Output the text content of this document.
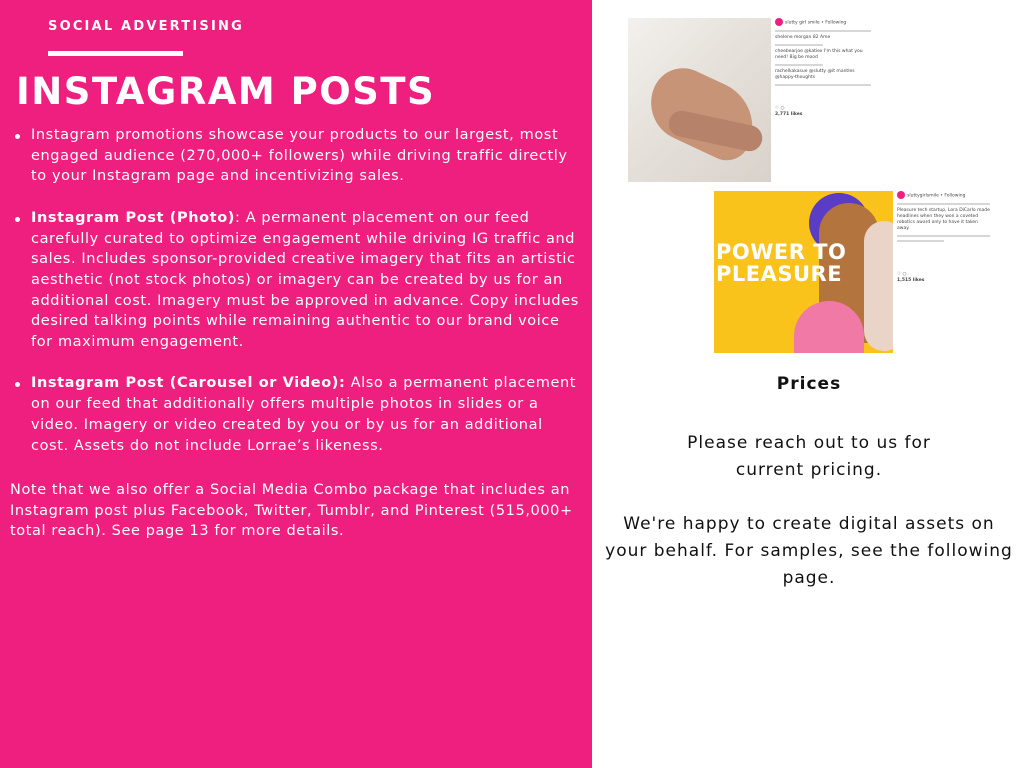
SOCIAL ADVERTISING
INSTAGRAM POSTS
Instagram promotions showcase your products to our largest, most engaged audience (270,000+ followers) while driving traffic directly to your Instagram page and incentivizing sales.
Instagram Post (Photo): A permanent placement on our feed carefully curated to optimize engagement while driving IG traffic and sales. Includes sponsor-provided creative imagery that fits an artistic aesthetic (not stock photos) or imagery can be created by us for an additional cost. Imagery must be approved in advance. Copy includes desired talking points while remaining authentic to our brand voice for maximum engagement.
Instagram Post (Carousel or Video): Also a permanent placement on our feed that additionally offers multiple photos in slides or a video. Imagery or video created by you or by us for an additional cost. Assets do not include Lorrae’s likeness.

Note that we also offer a Social Media Combo package that includes an Instagram post plus Facebook, Twitter, Tumblr, and Pinterest (515,000+ total reach). See page 13 for more details.

slutty girl smile • Following
shelene morgan 82 Ame
cheebearjoe @katiex I'm this what you need! Big be mood
rachelkakasue @slutty @it mantles @happy-thoughts
♡ ○
2,771 likes
POWER TO PLEASURE
sluttygirlsmile • Following
Pleasure tech startup, Lora DiCarlo made headlines when they won a coveted robotics award only to have it taken away.
♡ ○
1,515 likes
Prices
Please reach out to us for current pricing.
We're happy to create digital assets on your behalf. For samples, see the following page.
